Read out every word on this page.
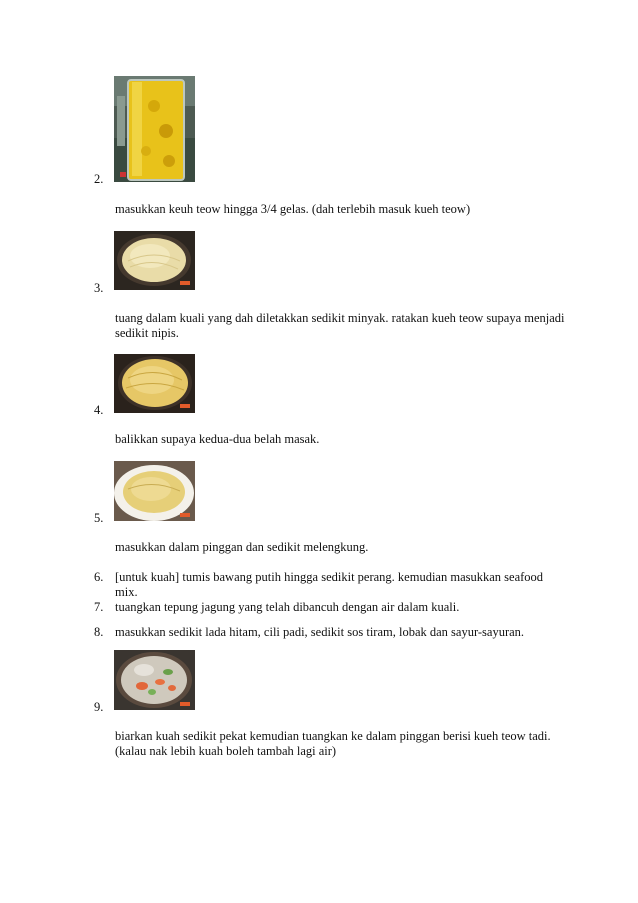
2.
masukkan keuh teow hingga 3/4 gelas. (dah terlebih masuk kueh teow)
3.
tuang dalam kuali yang dah diletakkan sedikit minyak. ratakan kueh teow supaya menjadi sedikit nipis.
4.
balikkan supaya kedua-dua belah masak.
5.
masukkan dalam pinggan dan sedikit melengkung.
6. [untuk kuah] tumis bawang putih hingga sedikit perang. kemudian masukkan seafood mix.
7. tuangkan tepung jagung yang telah dibancuh dengan air dalam kuali.
8. masukkan sedikit lada hitam, cili padi, sedikit sos tiram, lobak dan sayur-sayuran.
9.
biarkan kuah sedikit pekat kemudian tuangkan ke dalam pinggan berisi kueh teow tadi. (kalau nak lebih kuah boleh tambah lagi air)
